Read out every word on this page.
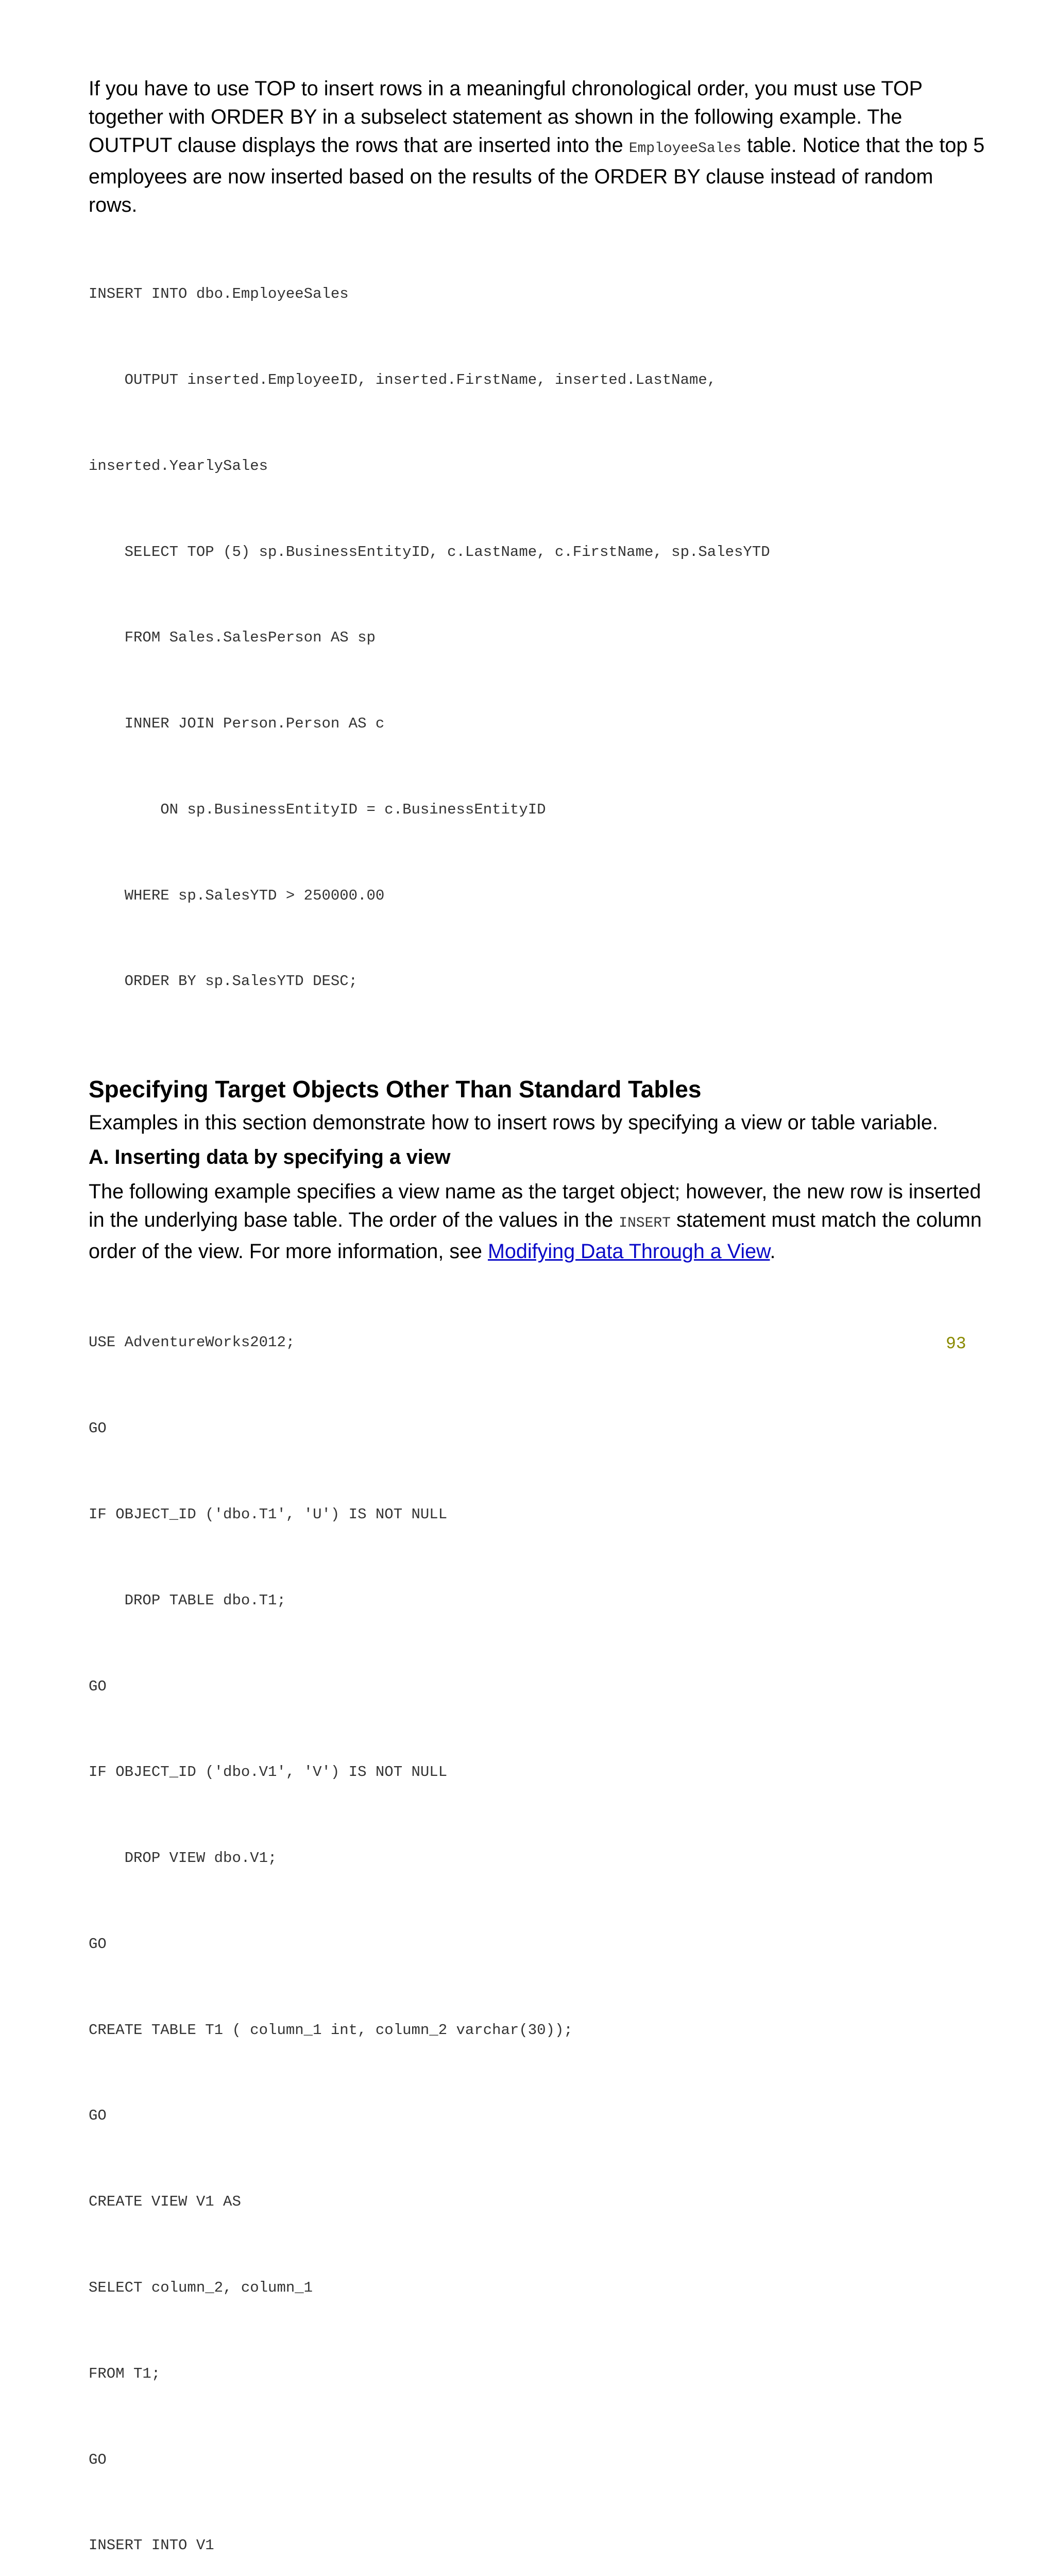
If you have to use TOP to insert rows in a meaningful chronological order, you must use TOP together with ORDER BY in a subselect statement as shown in the following example. The OUTPUT clause displays the rows that are inserted into the EmployeeSales table. Notice that the top 5 employees are now inserted based on the results of the ORDER BY clause instead of random rows.

INSERT INTO dbo.EmployeeSales

OUTPUT inserted.EmployeeID, inserted.FirstName, inserted.LastName,

inserted.YearlySales

SELECT TOP (5) sp.BusinessEntityID, c.LastName, c.FirstName, sp.SalesYTD

FROM Sales.SalesPerson AS sp

INNER JOIN Person.Person AS c

ON sp.BusinessEntityID = c.BusinessEntityID

WHERE sp.SalesYTD > 250000.00

ORDER BY sp.SalesYTD DESC;

Specifying Target Objects Other Than Standard Tables

Examples in this section demonstrate how to insert rows by specifying a view or table variable.

A. Inserting data by specifying a view

The following example specifies a view name as the target object; however, the new row is inserted in the underlying base table. The order of the values in the INSERT statement must match the column order of the view. For more information, see Modifying Data Through a View.

USE AdventureWorks2012;

GO

IF OBJECT_ID ('dbo.T1', 'U') IS NOT NULL

DROP TABLE dbo.T1;

GO

IF OBJECT_ID ('dbo.V1', 'V') IS NOT NULL

DROP VIEW dbo.V1;

GO

CREATE TABLE T1 ( column_1 int, column_2 varchar(30));

GO

CREATE VIEW V1 AS

SELECT column_2, column_1

FROM T1;

GO

INSERT INTO V1

93
